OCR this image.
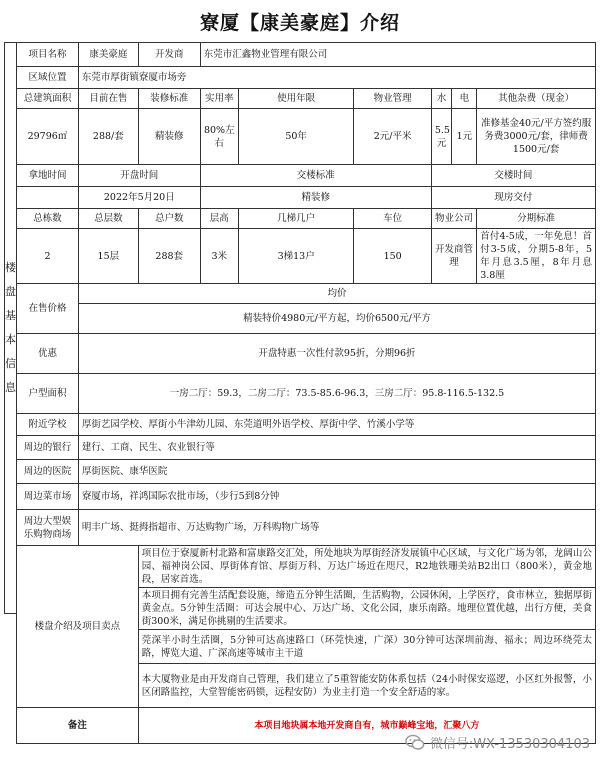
寮厦【康美豪庭】介绍
楼
盘
基
本
信
息
项目名称	康美豪庭	开发商	东莞市汇鑫物业管理有限公司					
区域位置	东莞市厚街镇寮厦市场旁							
总建筑面积	目前在售	装修标准	实用率	使用年限	物业管理	水	电	其他杂费（现金）
29796㎡	288/套	精装修	80%左右	50年	2元/平米	5.5元	1元	准修基金40元/平方签约服务费3000元/套，律师费1500元/套
拿地时间	开盘时间		交楼标准			交楼时间		
	2022年5月20日		精装修			现房交付		
总栋数	总层数	总户数	层高	几梯几户	车位	物业公司		分期标准
2	15层	288套	3米	3梯13户	150	开发商管理		首付4-5成，一年免息！首付3-5成，分期5-8年，5年月息3.5厘，8年月息3.8厘
在售价格	均价							
	精装特价4980元/平方起，均价6500元/平方							
优惠	开盘特惠一次性付款95折，分期96折							
户型面积	一房二厅：59.3，二房二厅：73.5-85.6-96.3，三房二厅：95.8-116.5-132.5							
附近学校	厚街艺园学校、厚街小牛津幼儿园、东莞道明外语学校、厚街中学、竹溪小学等							
周边的银行	建行、工商、民生、农业银行等							
周边的医院	厚街医院、康华医院							
周边菜市场	寮厦市场，祥鸿国际农批市场，（步行5到8分钟							
周边大型娱乐购物商场	明丰广场、挺拇指超市、万达购物广场，万科购物广场等							
楼盘介绍及项目卖点		项目位于寮厦新村北路和富康路交汇处，所处地块为厚街经济发展镇中心区域，与文化广场为邻，龙阔山公园、福神岗公园、厚街体育馆、厚街万科、万达广场近在咫尺，R2地铁珊美站B2出口（800米），黄金地段，居家首选。						
		本项目拥有完善生活配套设施，缔造五分钟生活圈，生活购物，公园休闲，上学医疗，食市林立，独据厚街黄金点。5分钟生活圈：可达会展中心、万达广场、文化公园，康乐南路。地理位置优越，出行方便，美食街300米，满足你挑剔的生活要求。						
		莞深半小时生活圈，5分钟可达高速路口（环莞快速，广深）30分钟可达深圳前海、福永；周边环绕莞太路，博览大道、广深高速等城市主干道						
		本大厦物业是由开发商自己管理，我们建立了5重智能安防体系包括（24小时保安巡逻，小区红外报警，小区闭路监控，大堂智能密码锁，远程安防）为业主打造一个安全舒适的家。						
备注		本项目地块属本地开发商自有，城市巅峰宝地，汇聚八方						
微信号:WX-13530304103
